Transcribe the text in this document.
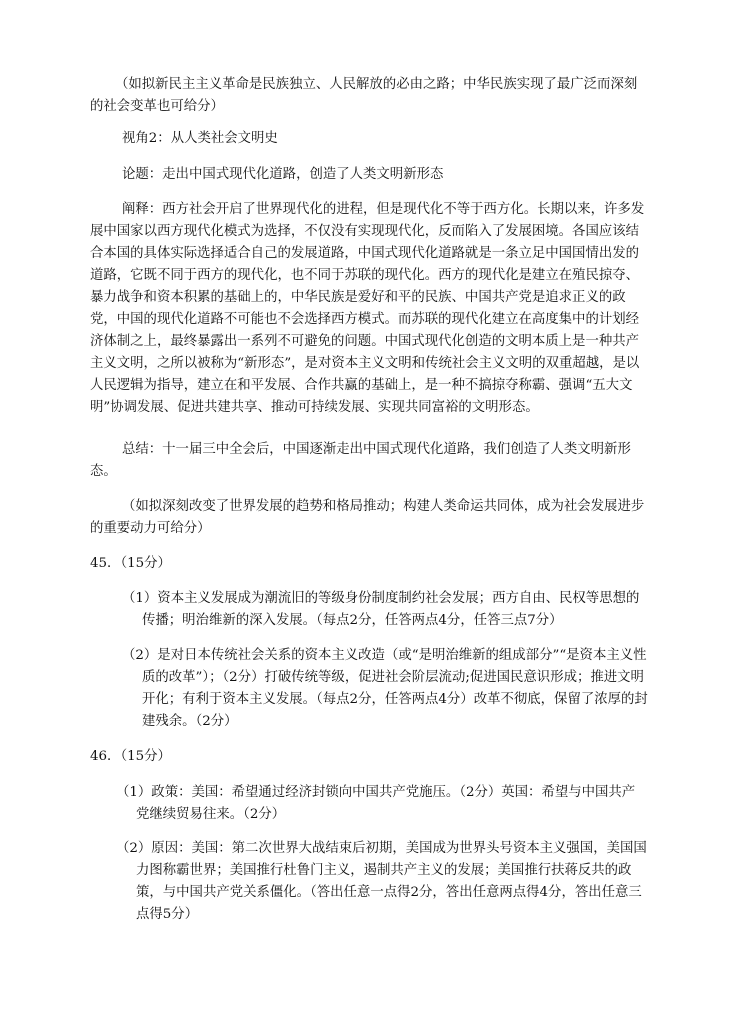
（如拟新民主主义革命是民族独立、人民解放的必由之路；中华民族实现了最广泛而深刻的社会变革也可给分）
视角2：从人类社会文明史
论题：走出中国式现代化道路，创造了人类文明新形态
阐释：西方社会开启了世界现代化的进程，但是现代化不等于西方化。长期以来，许多发展中国家以西方现代化模式为选择，不仅没有实现现代化，反而陷入了发展困境。各国应该结合本国的具体实际选择适合自己的发展道路，中国式现代化道路就是一条立足中国国情出发的道路，它既不同于西方的现代化，也不同于苏联的现代化。西方的现代化是建立在殖民掠夺、暴力战争和资本积累的基础上的，中华民族是爱好和平的民族、中国共产党是追求正义的政党，中国的现代化道路不可能也不会选择西方模式。而苏联的现代化建立在高度集中的计划经济体制之上，最终暴露出一系列不可避免的问题。中国式现代化创造的文明本质上是一种共产主义文明，之所以被称为“新形态”，是对资本主义文明和传统社会主义文明的双重超越，是以人民逻辑为指导，建立在和平发展、合作共赢的基础上，是一种不搞掠夺称霸、强调“五大文明”协调发展、促进共建共享、推动可持续发展、实现共同富裕的文明形态。
总结：十一届三中全会后，中国逐渐走出中国式现代化道路，我们创造了人类文明新形态。
（如拟深刻改变了世界发展的趋势和格局推动；构建人类命运共同体，成为社会发展进步的重要动力可给分）
45．（15分）
（1）资本主义发展成为潮流旧的等级身份制度制约社会发展；西方自由、民权等思想的传播；明治维新的深入发展。（每点2分，任答两点4分，任答三点7分）
（2）是对日本传统社会关系的资本主义改造（或“是明治维新的组成部分”“是资本主义性质的改革”）；（2分）打破传统等级，促进社会阶层流动;促进国民意识形成；推进文明开化；有利于资本主义发展。（每点2分，任答两点4分）改革不彻底，保留了浓厚的封建残余。（2分）
46．（15分）
（1）政策：美国：希望通过经济封锁向中国共产党施压。（2分）英国：希望与中国共产党继续贸易往来。（2分）
（2）原因：美国：第二次世界大战结束后初期，美国成为世界头号资本主义强国，美国国力图称霸世界；美国推行杜鲁门主义，遏制共产主义的发展；美国推行扶蒋反共的政策，与中国共产党关系僵化。（答出任意一点得2分，答出任意两点得4分，答出任意三点得5分）
